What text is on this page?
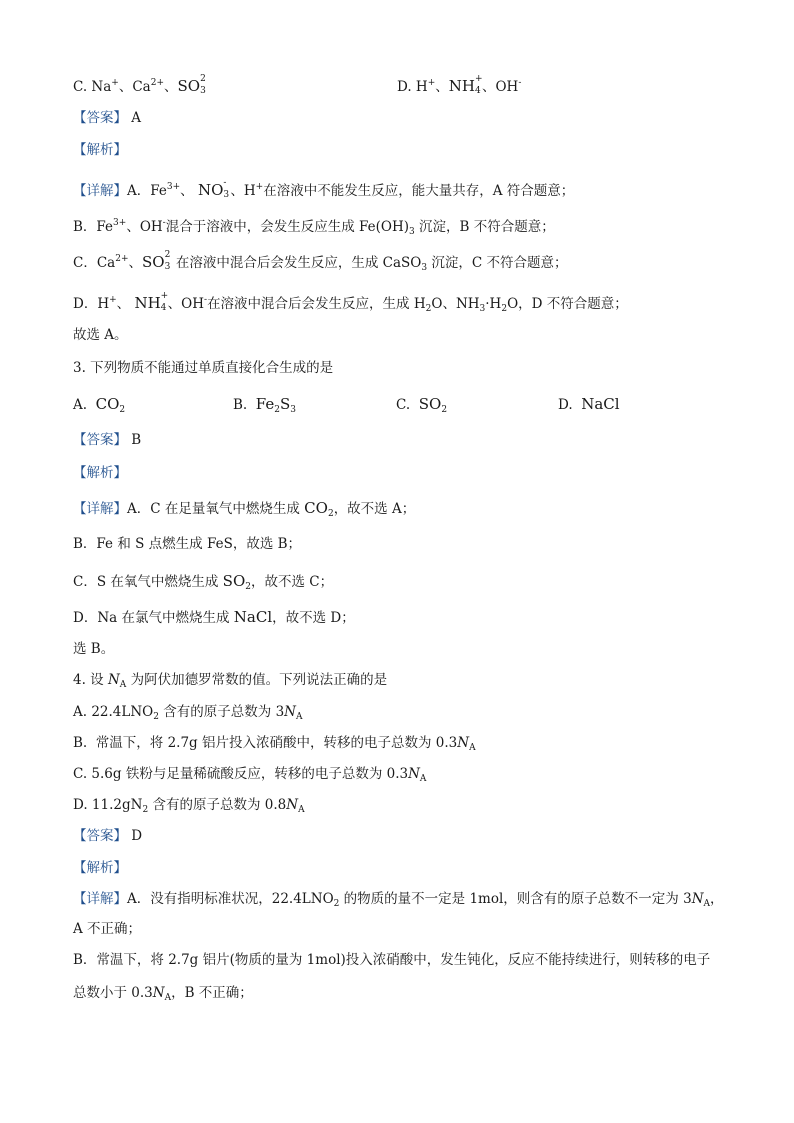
C. Na+、$Ca^{2+}$、SO 2
3	D. H+、NH +
4 、OH-
【答案】 A
【解析】
【详解】A．$Fe^{3+}$、 NO -
3 、H+在溶液中不能发生反应，能大量共存，A 符合题意；
B．$Fe^{3+}$、OH-混合于溶液中，会发生反应生成 $Fe(OH)_3$ 沉淀，B 不符合题意；
C．$Ca^{2+}$、SO 2
3 在溶液中混合后会发生反应，生成 CaSO$_3$ 沉淀，C 不符合题意；
D．H+、 NH +
4 、OH-在溶液中混合后会发生反应，生成 $H_2O$、$NH_3\cdot H_2O$，D 不符合题意；
故选 A。
3. 下列物质不能通过单质直接化合生成的是
A.  $CO_2$	B.  $Fe_2S_3$	C.  $SO_2$	D.  NaCl
【答案】 B
【解析】
【详解】A．C 在足量氧气中燃烧生成 $CO_2$，故不选 A；
B．Fe 和 S 点燃生成 FeS，故选 B；
C．S 在氧气中燃烧生成 $SO_2$，故不选 C；
D．Na 在氯气中燃烧生成 NaCl，故不选 D；
选 B。
4. 设 $N_A$ 为阿伏加德罗常数的值。下列说法正确的是
A. $22.4LNO_2$ 含有的原子总数为 $3N_A$
B.  常温下，将 2.7g 铝片投入浓硝酸中，转移的电子总数为 $0.3N_A$
C. 5.6g 铁粉与足量稀硫酸反应，转移的电子总数为 $0.3N_A$
D. $11.2gN_2$ 含有的原子总数为 $0.8N_A$
【答案】 D
【解析】
【详解】A．没有指明标准状况，$22.4LNO_2$ 的物质的量不一定是 1mol，则含有的原子总数不一定为 $3N_A$，
A 不正确；
B．常温下，将 2.7g 铝片(物质的量为 1mol)投入浓硝酸中，发生钝化，反应不能持续进行，则转移的电子
总数小于 $0.3N_A$，B 不正确；
